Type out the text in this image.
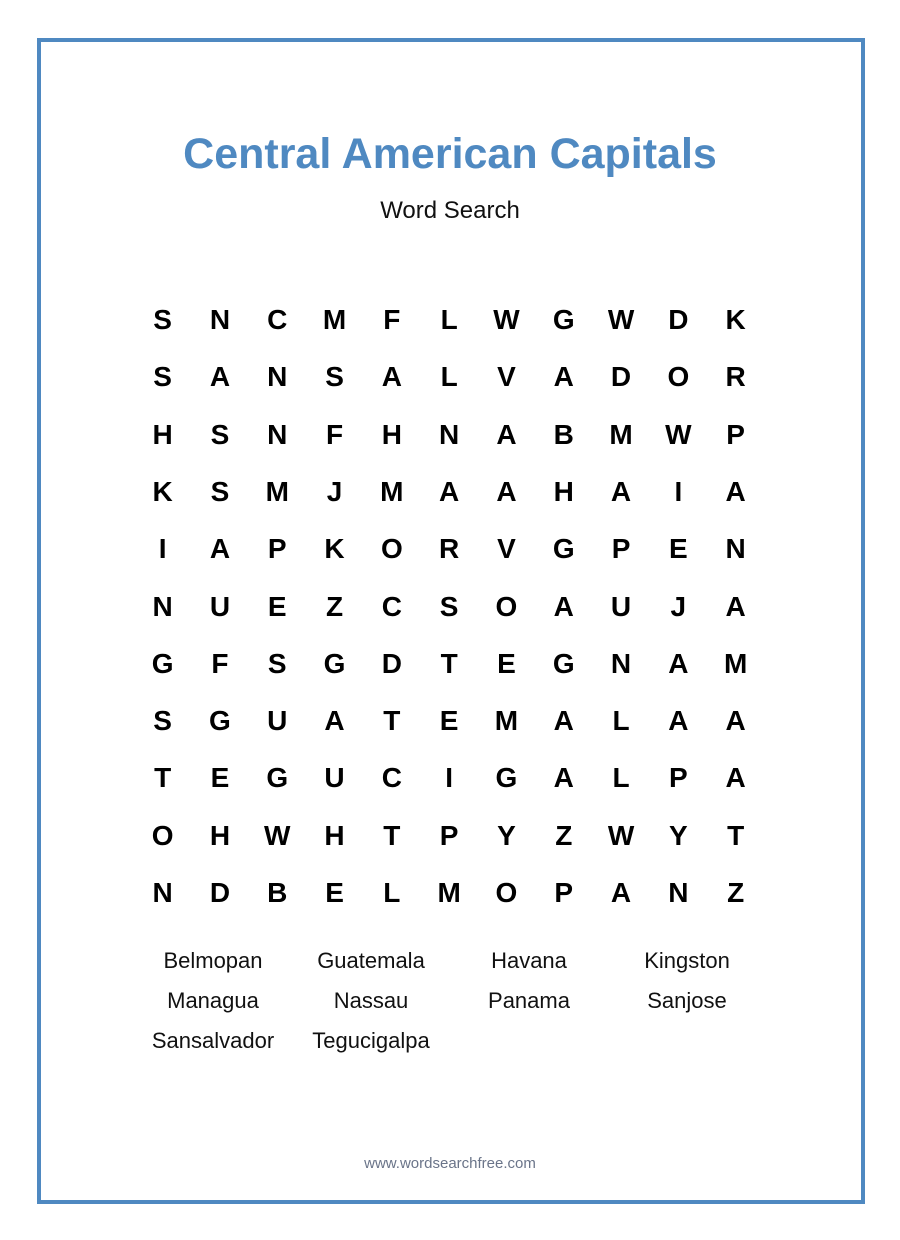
Central American Capitals
Word Search
S	N	C	M	F	L	W	G	W	D	K
S	A	N	S	A	L	V	A	D	O	R
H	S	N	F	H	N	A	B	M	W	P
K	S	M	J	M	A	A	H	A	I	A
I	A	P	K	O	R	V	G	P	E	N
N	U	E	Z	C	S	O	A	U	J	A
G	F	S	G	D	T	E	G	N	A	M
S	G	U	A	T	E	M	A	L	A	A
T	E	G	U	C	I	G	A	L	P	A
O	H	W	H	T	P	Y	Z	W	Y	T
N	D	B	E	L	M	O	P	A	N	Z
Belmopan	Guatemala	Havana	Kingston
Managua	Nassau	Panama	Sanjose
Sansalvador	Tegucigalpa
www.wordsearchfree.com
